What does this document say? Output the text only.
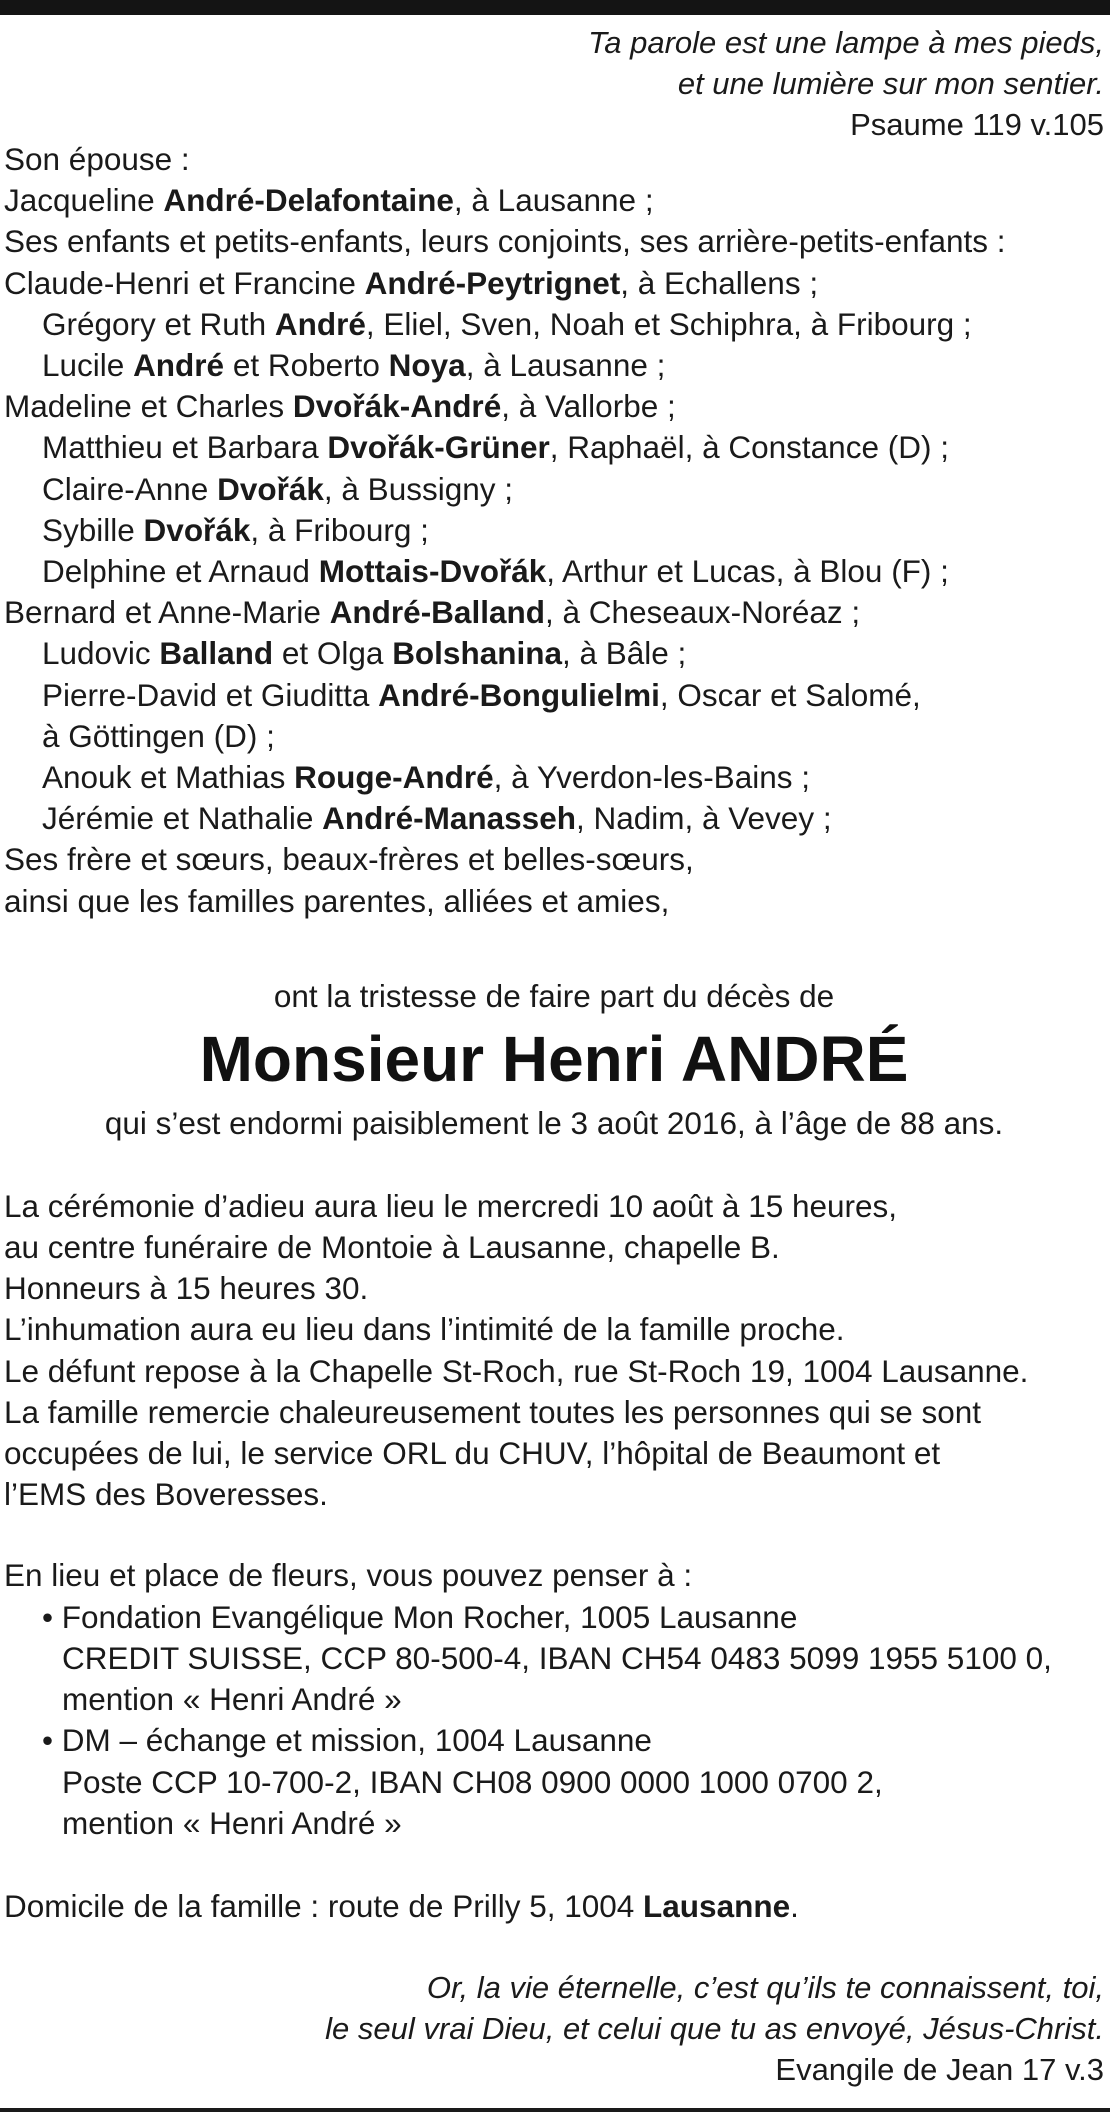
Ta parole est une lampe à mes pieds,
et une lumière sur mon sentier.
Psaume 119 v.105
Son épouse :
Jacqueline André-Delafontaine, à Lausanne ;
Ses enfants et petits-enfants, leurs conjoints, ses arrière-petits-enfants :
Claude-Henri et Francine André-Peytrignet, à Echallens ;
Grégory et Ruth André, Eliel, Sven, Noah et Schiphra, à Fribourg ;
Lucile André et Roberto Noya, à Lausanne ;
Madeline et Charles Dvořák-André, à Vallorbe ;
Matthieu et Barbara Dvořák-Grüner, Raphaël, à Constance (D) ;
Claire-Anne Dvořák, à Bussigny ;
Sybille Dvořák, à Fribourg ;
Delphine et Arnaud Mottais-Dvořák, Arthur et Lucas, à Blou (F) ;
Bernard et Anne-Marie André-Balland, à Cheseaux-Noréaz ;
Ludovic Balland et Olga Bolshanina, à Bâle ;
Pierre-David et Giuditta André-Bongulielmi, Oscar et Salomé,
à Göttingen (D) ;
Anouk et Mathias Rouge-André, à Yverdon-les-Bains ;
Jérémie et Nathalie André-Manasseh, Nadim, à Vevey ;
Ses frère et sœurs, beaux-frères et belles-sœurs,
ainsi que les familles parentes, alliées et amies,
ont la tristesse de faire part du décès de
Monsieur Henri ANDRÉ
qui s’est endormi paisiblement le 3 août 2016, à l’âge de 88 ans.
La cérémonie d’adieu aura lieu le mercredi 10 août à 15 heures,
au centre funéraire de Montoie à Lausanne, chapelle B.
Honneurs à 15 heures 30.
L’inhumation aura eu lieu dans l’intimité de la famille proche.
Le défunt repose à la Chapelle St-Roch, rue St-Roch 19, 1004 Lausanne.
La famille remercie chaleureusement toutes les personnes qui se sont
occupées de lui, le service ORL du CHUV, l’hôpital de Beaumont et
l’EMS des Boveresses.
En lieu et place de fleurs, vous pouvez penser à :
• Fondation Evangélique Mon Rocher, 1005 Lausanne
CREDIT SUISSE, CCP 80-500-4, IBAN CH54 0483 5099 1955 5100 0,
mention « Henri André »
• DM – échange et mission, 1004 Lausanne
Poste CCP 10-700-2, IBAN CH08 0900 0000 1000 0700 2,
mention « Henri André »
Domicile de la famille : route de Prilly 5, 1004 Lausanne.
Or, la vie éternelle, c’est qu’ils te connaissent, toi,
le seul vrai Dieu, et celui que tu as envoyé, Jésus-Christ.
Evangile de Jean 17 v.3
